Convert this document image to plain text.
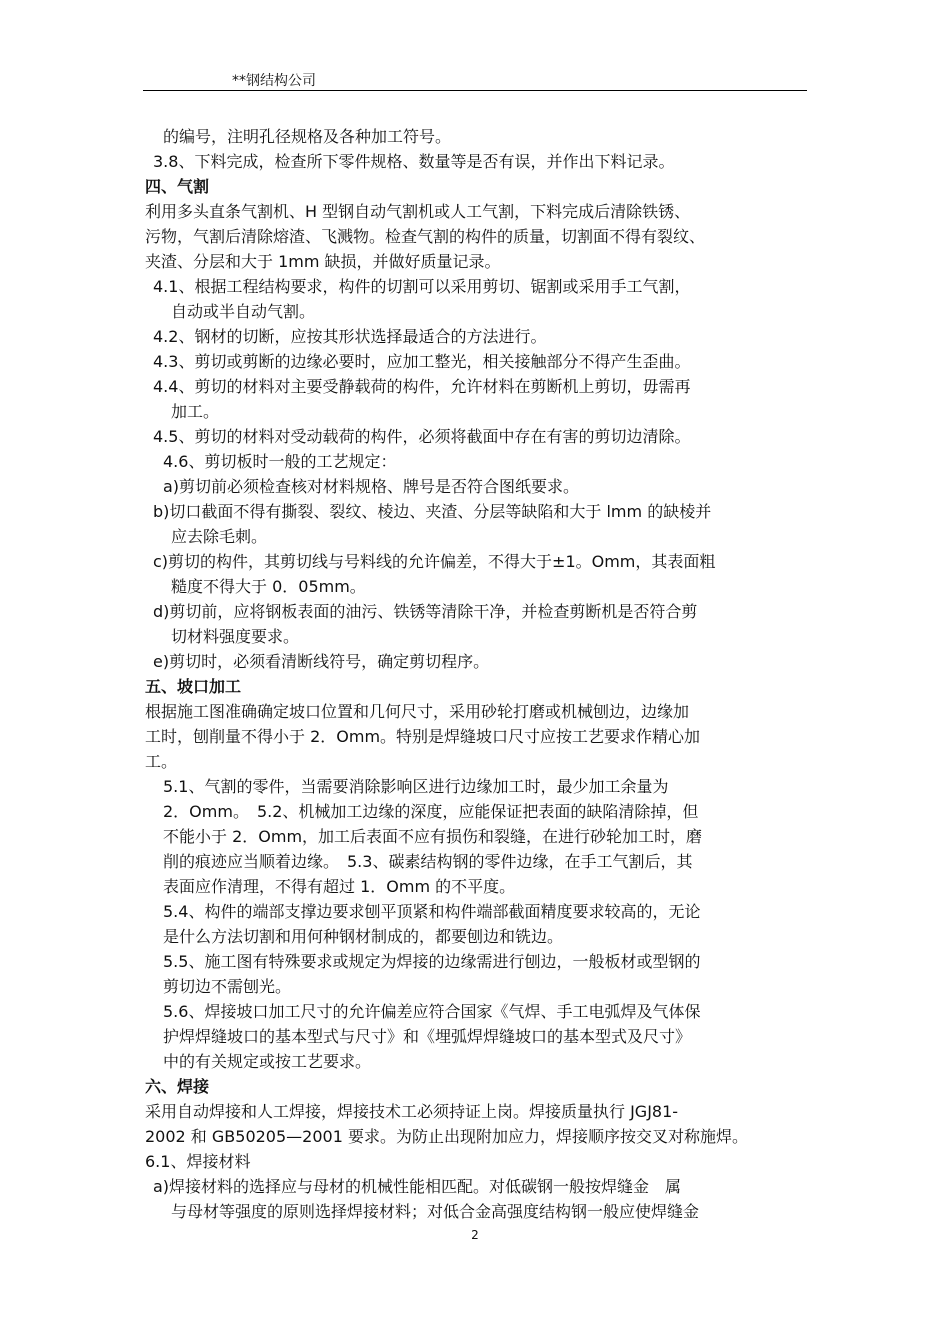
**钢结构公司
的编号，注明孔径规格及各种加工符号。
3.8、下料完成，检查所下零件规格、数量等是否有误，并作出下料记录。
四、气割
利用多头直条气割机、H 型钢自动气割机或人工气割，下料完成后清除铁锈、
污物，气割后清除熔渣、飞溅物。检查气割的构件的质量，切割面不得有裂纹、
夹渣、分层和大于 1mm 缺损，并做好质量记录。
4.1、根据工程结构要求，构件的切割可以采用剪切、锯割或采用手工气割，
自动或半自动气割。
4.2、钢材的切断，应按其形状选择最适合的方法进行。
4.3、剪切或剪断的边缘必要时，应加工整光，相关接触部分不得产生歪曲。
4.4、剪切的材料对主要受静载荷的构件，允许材料在剪断机上剪切，毋需再
加工。
4.5、剪切的材料对受动载荷的构件，必须将截面中存在有害的剪切边清除。
4.6、剪切板时一般的工艺规定：
a)剪切前必须检查核对材料规格、牌号是否符合图纸要求。
b)切口截面不得有撕裂、裂纹、棱边、夹渣、分层等缺陷和大于 lmm 的缺棱并
应去除毛刺。
c)剪切的构件，其剪切线与号料线的允许偏差，不得大于±1。Omm，其表面粗
糙度不得大于 0．05mm。
d)剪切前，应将钢板表面的油污、铁锈等清除干净，并检查剪断机是否符合剪
切材料强度要求。
e)剪切时，必须看清断线符号，确定剪切程序。
五、坡口加工
根据施工图准确确定坡口位置和几何尺寸，采用砂轮打磨或机械刨边，边缘加
工时，刨削量不得小于 2．Omm。特别是焊缝坡口尺寸应按工艺要求作精心加
工。
5.1、气割的零件，当需要消除影响区进行边缘加工时，最少加工余量为
2．Omm。　5.2、机械加工边缘的深度，应能保证把表面的缺陷清除掉，但
不能小于 2．Omm，加工后表面不应有损伤和裂缝，在进行砂轮加工时，磨
削的痕迹应当顺着边缘。　5.3、碳素结构钢的零件边缘，在手工气割后，其
表面应作清理，不得有超过 1．Omm 的不平度。
5.4、构件的端部支撑边要求刨平顶紧和构件端部截面精度要求较高的，无论
是什么方法切割和用何种钢材制成的，都要刨边和铣边。
5.5、施工图有特殊要求或规定为焊接的边缘需进行刨边，一般板材或型钢的
剪切边不需刨光。
5.6、焊接坡口加工尺寸的允许偏差应符合国家《气焊、手工电弧焊及气体保
护焊焊缝坡口的基本型式与尺寸》和《埋弧焊焊缝坡口的基本型式及尺寸》
中的有关规定或按工艺要求。
六、焊接
采用自动焊接和人工焊接，焊接技术工必须持证上岗。焊接质量执行 JGJ81-
2002 和 GB50205—2001 要求。为防止出现附加应力，焊接顺序按交叉对称施焊。
6.1、焊接材料
a)焊接材料的选择应与母材的机械性能相匹配。对低碳钢一般按焊缝金　属
与母材等强度的原则选择焊接材料；对低合金高强度结构钢一般应使焊缝金
2
